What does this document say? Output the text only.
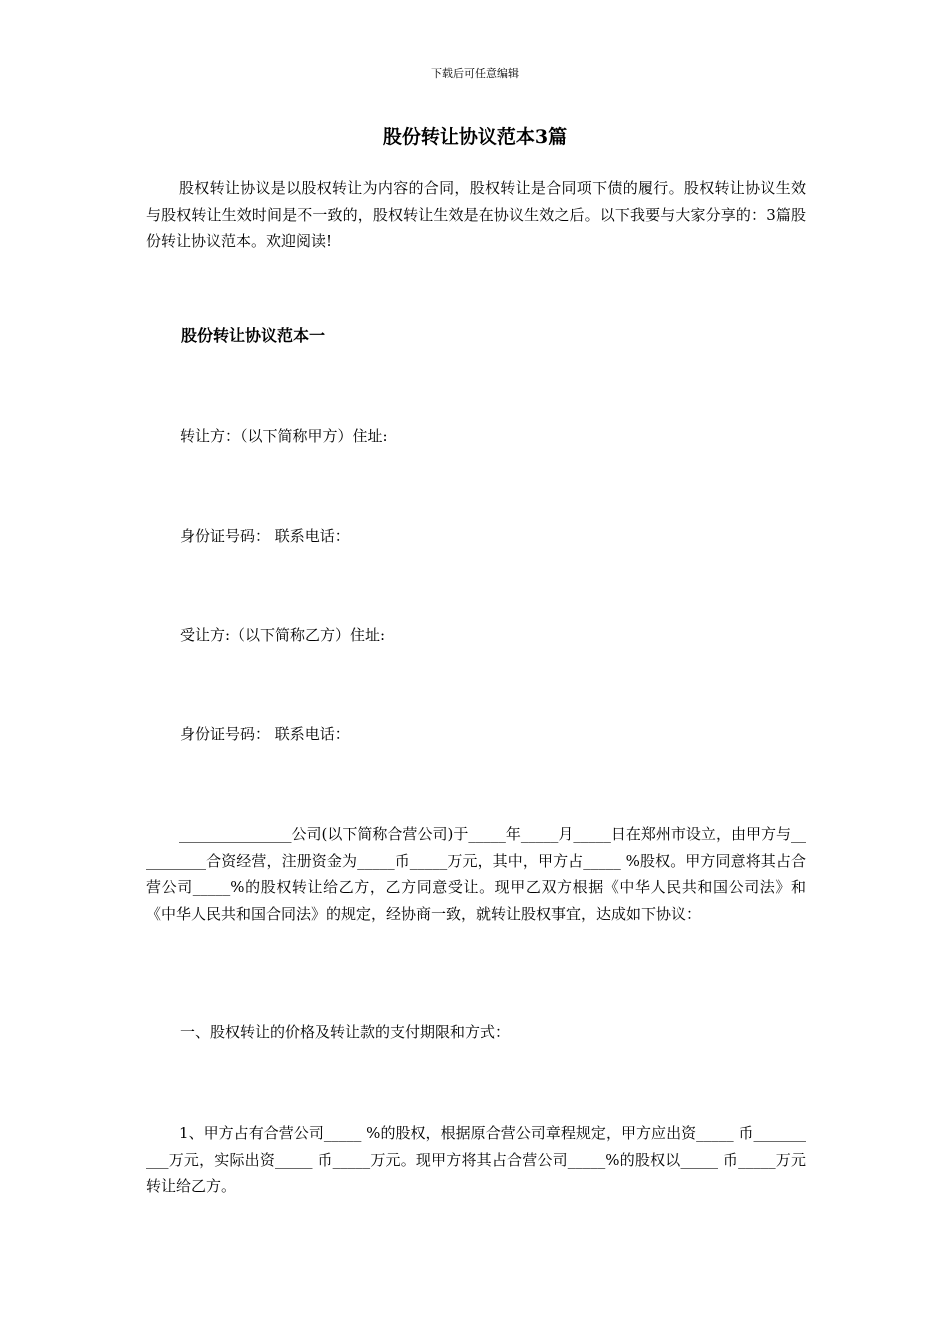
下载后可任意编辑
股份转让协议范本3篇

股权转让协议是以股权转让为内容的合同，股权转让是合同项下债的履行。股权转让协议生效与股权转让生效时间是不一致的，股权转让生效是在协议生效之后。以下我要与大家分享的：3篇股份转让协议范本。欢迎阅读!

股份转让协议范本一

转让方：（以下简称甲方）住址:

身份证号码： 联系电话：

受让方:（以下简称乙方）住址:

身份证号码： 联系电话：

_______________公司(以下简称合营公司)于_____年_____月_____日在郑州市设立，由甲方与__________合资经营，注册资金为_____币_____万元，其中，甲方占_____ %股权。甲方同意将其占合营公司_____%的股权转让给乙方，乙方同意受让。现甲乙双方根据《中华人民共和国公司法》和《中华人民共和国合同法》的规定，经协商一致，就转让股权事宜，达成如下协议：

一、股权转让的价格及转让款的支付期限和方式：

1、甲方占有合营公司_____ %的股权，根据原合营公司章程规定，甲方应出资_____ 币__________万元，实际出资_____ 币_____万元。现甲方将其占合营公司_____%的股权以_____ 币_____万元转让给乙方。
